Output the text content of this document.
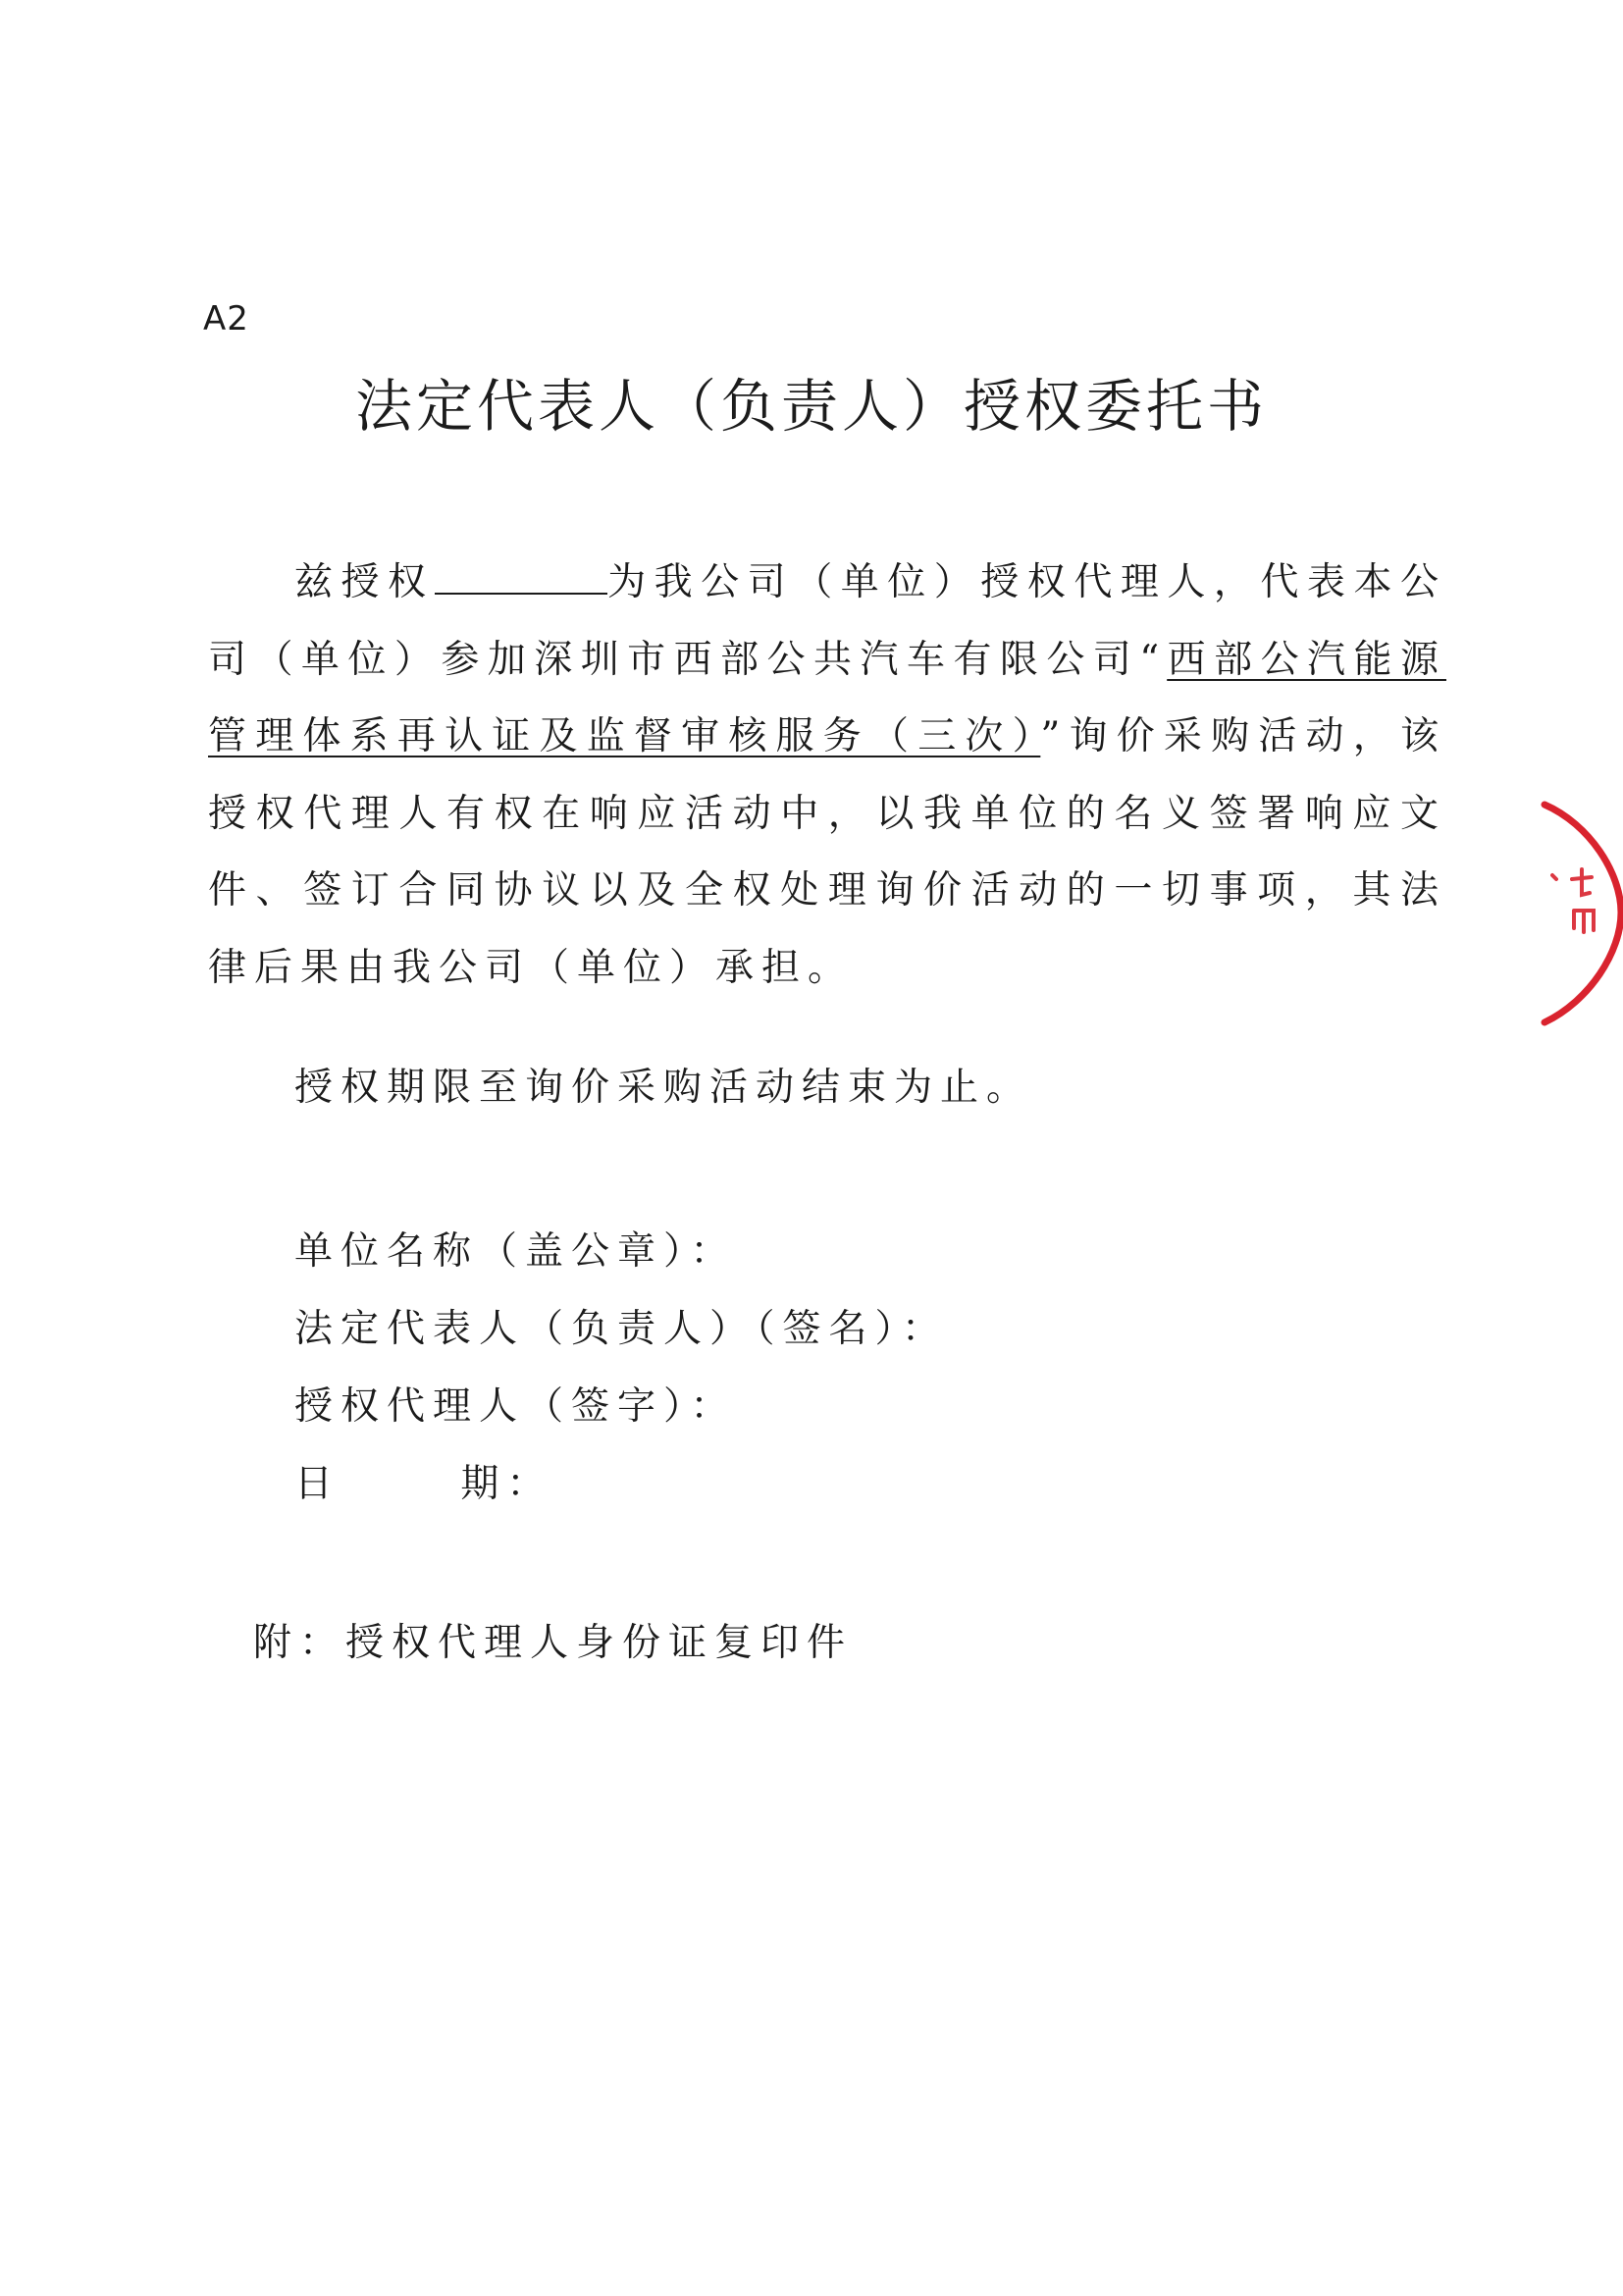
A2
法定代表人（负责人）授权委托书
兹授权	为我公司（单位）授权代理人，代表本公司（单位）参加深圳市西部公共汽车有限公司“西部公汽能源管理体系再认证及监督审核服务（三次）”询价采购活动，该授权代理人有权在响应活动中，以我单位的名义签署响应文件、签订合同协议以及全权处理询价活动的一切事项，其法律后果由我公司（单位）承担。
授权期限至询价采购活动结束为止。
单位名称（盖公章）：
法定代表人（负责人）（签名）：
授权代理人（签字）：
日      期：
附：授权代理人身份证复印件
